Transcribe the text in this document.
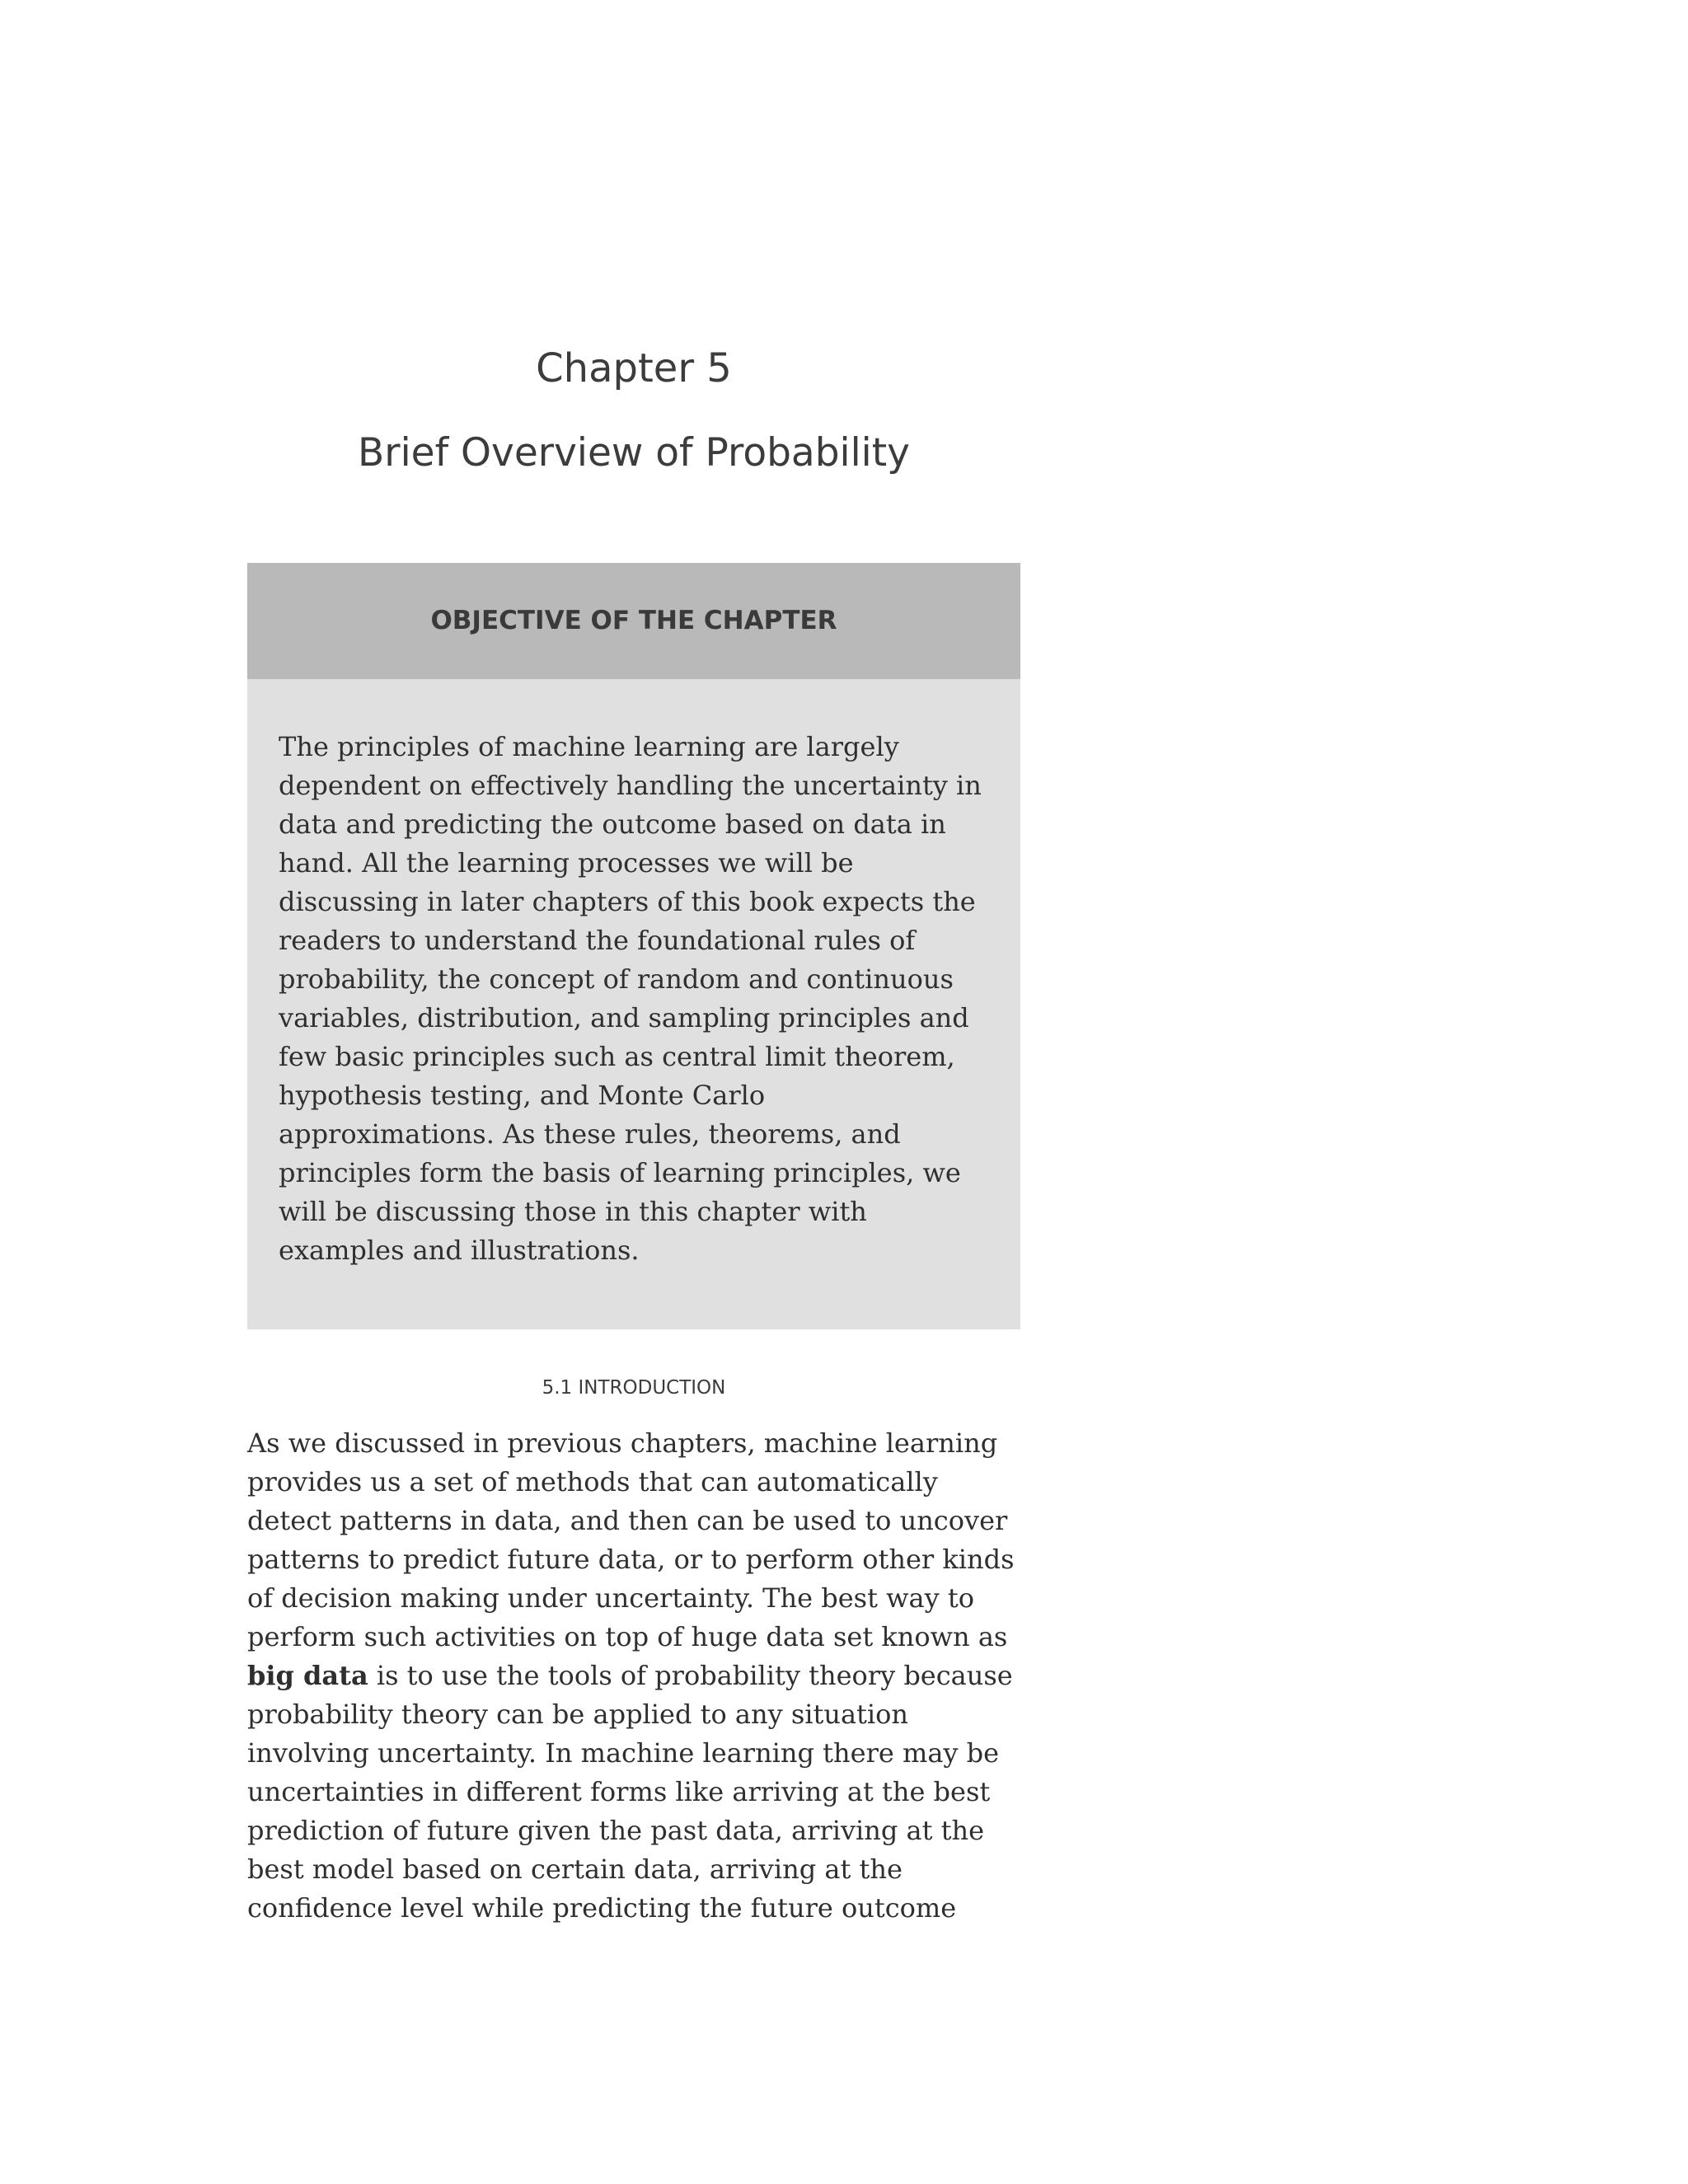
Chapter 5
Brief Overview of Probability
OBJECTIVE OF THE CHAPTER
The principles of machine learning are largely
dependent on effectively handling the uncertainty in
data and predicting the outcome based on data in
hand. All the learning processes we will be
discussing in later chapters of this book expects the
readers to understand the foundational rules of
probability, the concept of random and continuous
variables, distribution, and sampling principles and
few basic principles such as central limit theorem,
hypothesis testing, and Monte Carlo
approximations. As these rules, theorems, and
principles form the basis of learning principles, we
will be discussing those in this chapter with
examples and illustrations.
5.1 INTRODUCTION
As we discussed in previous chapters, machine learning
provides us a set of methods that can automatically
detect patterns in data, and then can be used to uncover
patterns to predict future data, or to perform other kinds
of decision making under uncertainty. The best way to
perform such activities on top of huge data set known as
big data is to use the tools of probability theory because
probability theory can be applied to any situation
involving uncertainty. In machine learning there may be
uncertainties in different forms like arriving at the best
prediction of future given the past data, arriving at the
best model based on certain data, arriving at the
confidence level while predicting the future outcome
